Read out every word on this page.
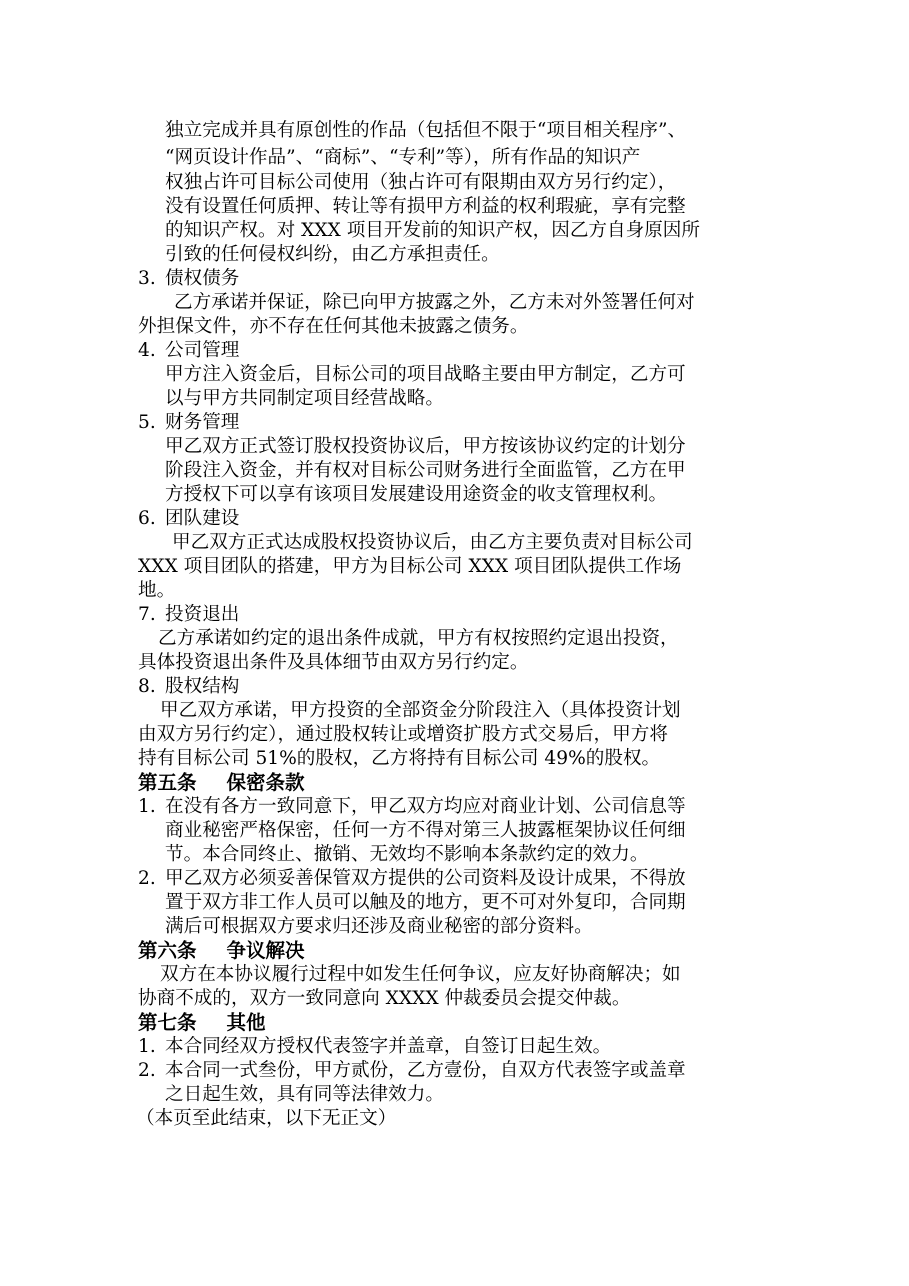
独立完成并具有原创性的作品（包括但不限于“项目相关程序”、
“网页设计作品”、“商标”、“专利”等），所有作品的知识产
权独占许可目标公司使用（独占许可有限期由双方另行约定），
没有设置任何质押、转让等有损甲方利益的权利瑕疵，享有完整
的知识产权。对 XXX 项目开发前的知识产权，因乙方自身原因所
引致的任何侵权纠纷，由乙方承担责任。
3. 债权债务
乙方承诺并保证，除已向甲方披露之外，乙方未对外签署任何对
外担保文件，亦不存在任何其他未披露之债务。
4. 公司管理
甲方注入资金后，目标公司的项目战略主要由甲方制定，乙方可
以与甲方共同制定项目经营战略。
5. 财务管理
甲乙双方正式签订股权投资协议后，甲方按该协议约定的计划分
阶段注入资金，并有权对目标公司财务进行全面监管，乙方在甲
方授权下可以享有该项目发展建设用途资金的收支管理权利。
6. 团队建设
甲乙双方正式达成股权投资协议后，由乙方主要负责对目标公司
XXX 项目团队的搭建，甲方为目标公司 XXX 项目团队提供工作场
地。
7. 投资退出
乙方承诺如约定的退出条件成就，甲方有权按照约定退出投资，
具体投资退出条件及具体细节由双方另行约定。
8. 股权结构
甲乙双方承诺，甲方投资的全部资金分阶段注入（具体投资计划
由双方另行约定），通过股权转让或增资扩股方式交易后，甲方将
持有目标公司 51%的股权，乙方将持有目标公司 49%的股权。
第五条 保密条款
1. 在没有各方一致同意下，甲乙双方均应对商业计划、公司信息等
商业秘密严格保密，任何一方不得对第三人披露框架协议任何细
节。本合同终止、撤销、无效均不影响本条款约定的效力。
2. 甲乙双方必须妥善保管双方提供的公司资料及设计成果，不得放
置于双方非工作人员可以触及的地方，更不可对外复印，合同期
满后可根据双方要求归还涉及商业秘密的部分资料。
第六条 争议解决
双方在本协议履行过程中如发生任何争议，应友好协商解决；如
协商不成的，双方一致同意向 XXXX 仲裁委员会提交仲裁。
第七条 其他
1. 本合同经双方授权代表签字并盖章，自签订日起生效。
2. 本合同一式叁份，甲方贰份，乙方壹份，自双方代表签字或盖章
之日起生效，具有同等法律效力。
（本页至此结束，以下无正文）
